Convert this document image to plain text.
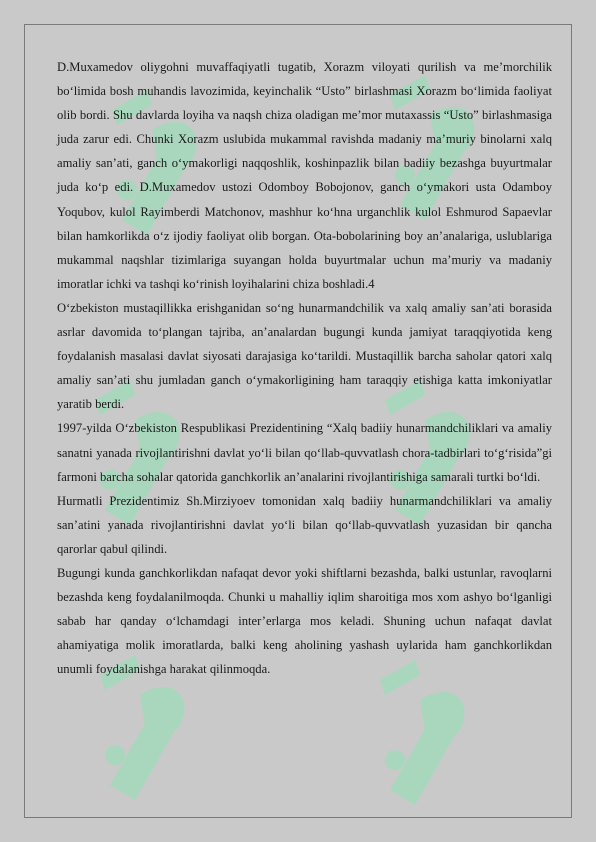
D.Muxamedov oliygohni muvaffaqiyatli tugatib, Xorazm viloyati qurilish va me’morchilik bo‘limida bosh muhandis lavozimida, keyinchalik “Usto” birlashmasi Xorazm bo‘limida faoliyat olib bordi. Shu davlarda loyiha va naqsh chiza oladigan me’mor mutaxassis “Usto” birlashmasiga juda zarur edi. Chunki Xorazm uslubida mukammal ravishda madaniy ma’muriy binolarni xalq amaliy san’ati, ganch o‘ymakorligi naqqoshlik, koshinpazlik bilan badiiy bezashga buyurtmalar juda ko‘p edi. D.Muxamedov ustozi Odomboy Bobojonov, ganch o‘ymakori usta Odamboy Yoqubov, kulol Rayimberdi Matchonov, mashhur ko‘hna urganchlik kulol Eshmurod Sapaevlar bilan hamkorlikda o‘z ijodiy faoliyat olib borgan. Ota-bobolarining boy an’analariga, uslublariga mukammal naqshlar tizimlariga suyangan holda buyurtmalar uchun ma’muriy va madaniy imoratlar ichki va tashqi ko‘rinish loyihalarini chiza boshladi.4

O‘zbekiston mustaqillikka erishganidan so‘ng hunarmandchilik va xalq amaliy san’ati borasida asrlar davomida to‘plangan tajriba, an’analardan bugungi kunda jamiyat taraqqiyotida keng foydalanish masalasi davlat siyosati darajasiga ko‘tarildi. Mustaqillik barcha saholar qatori xalq amaliy san’ati shu jumladan ganch o‘ymakorligining ham taraqqiy etishiga katta imkoniyatlar yaratib berdi.

1997-yilda O‘zbekiston Respublikasi Prezidentining “Xalq badiiy hunarmandchiliklari va amaliy sanatni yanada rivojlantirishni davlat yo‘li bilan qo‘llab-quvvatlash chora-tadbirlari to‘g‘risida”gi farmoni barcha sohalar qatorida ganchkorlik an’analarini rivojlantirishiga samarali turtki bo‘ldi.

Hurmatli Prezidentimiz Sh.Mirziyoev tomonidan xalq badiiy hunarmandchiliklari va amaliy san’atini yanada rivojlantirishni davlat yo‘li bilan qo‘llab-quvvatlash yuzasidan bir qancha qarorlar qabul qilindi.

Bugungi kunda ganchkorlikdan nafaqat devor yoki shiftlarni bezashda, balki ustunlar, ravoqlarni bezashda keng foydalanilmoqda. Chunki u mahalliy iqlim sharoitiga mos xom ashyo bo‘lganligi sabab har qanday o‘lchamdagi inter’erlarga mos keladi. Shuning uchun nafaqat davlat ahamiyatiga molik imoratlarda, balki keng aholining yashash uylarida ham ganchkorlikdan unumli foydalanishga harakat qilinmoqda.
